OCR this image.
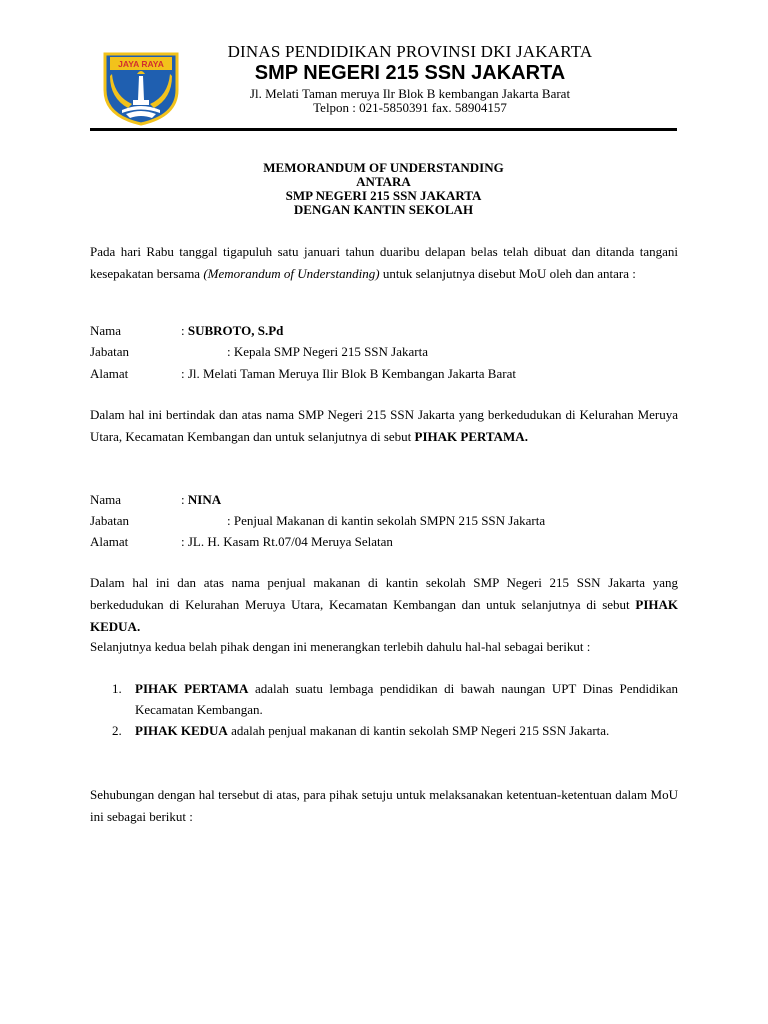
JAYA RAYA
DINAS PENDIDIKAN PROVINSI DKI JAKARTA
SMP NEGERI 215 SSN JAKARTA
Jl. Melati Taman meruya Ilr Blok B kembangan Jakarta Barat
Telpon : 021-5850391 fax. 58904157
MEMORANDUM OF UNDERSTANDING
ANTARA
SMP NEGERI 215 SSN JAKARTA
DENGAN KANTIN SEKOLAH
Pada hari Rabu tanggal tigapuluh satu januari tahun duaribu delapan belas telah dibuat dan ditanda tangani kesepakatan bersama (Memorandum of Understanding) untuk selanjutnya disebut MoU oleh dan antara :
Nama	: SUBROTO, S.Pd
Jabatan	: Kepala SMP Negeri 215 SSN Jakarta
Alamat	: Jl. Melati Taman Meruya Ilir Blok B Kembangan Jakarta Barat
Dalam hal ini bertindak dan atas nama SMP Negeri 215 SSN Jakarta yang berkedudukan di Kelurahan Meruya Utara, Kecamatan Kembangan dan untuk selanjutnya di sebut PIHAK PERTAMA.
Nama	: NINA
Jabatan	: Penjual Makanan di kantin sekolah SMPN 215 SSN Jakarta
Alamat	: JL. H. Kasam Rt.07/04 Meruya Selatan
Dalam hal ini dan atas nama penjual makanan di kantin sekolah SMP Negeri 215 SSN Jakarta yang berkedudukan di Kelurahan Meruya Utara, Kecamatan Kembangan dan untuk selanjutnya di sebut PIHAK KEDUA.
Selanjutnya kedua belah pihak dengan ini menerangkan terlebih dahulu hal-hal sebagai berikut :
1. PIHAK PERTAMA adalah suatu lembaga pendidikan di bawah naungan UPT Dinas Pendidikan Kecamatan Kembangan.
2. PIHAK KEDUA adalah penjual makanan di kantin sekolah SMP Negeri 215 SSN Jakarta.
Sehubungan dengan hal tersebut di atas, para pihak setuju untuk melaksanakan ketentuan-ketentuan dalam MoU ini sebagai berikut :
